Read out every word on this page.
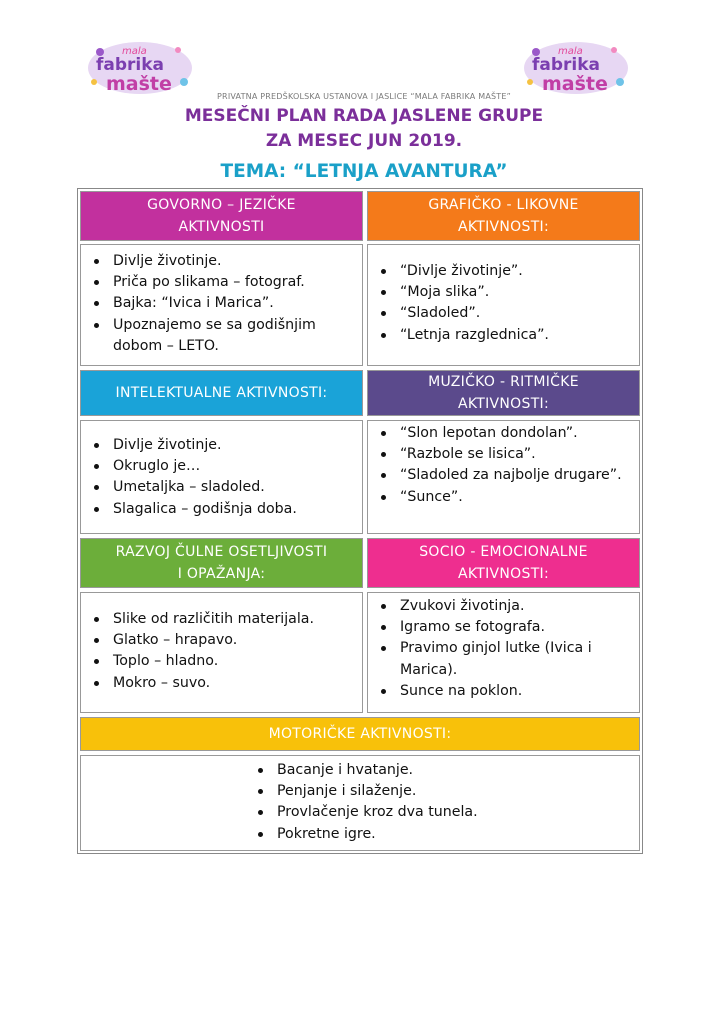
mala
fabrika
mašte
mala
fabrika
mašte
PRIVATNA PREDŠKOLSKA USTANOVA I JASLICE “MALA FABRIKA MAŠTE”
MESEČNI PLAN RADA JASLENE GRUPE
ZA MESEC JUN 2019.
TEMA: “LETNJA AVANTURA”
GOVORNO – JEZIČKE
AKTIVNOSTI
GRAFIČKO - LIKOVNE
AKTIVNOSTI:
Divlje životinje.
Priča po slikama – fotograf.
Bajka: “Ivica i Marica”.
Upoznajemo se sa godišnjim dobom – LETO.
“Divlje životinje”.
“Moja slika”.
“Sladoled”.
“Letnja razglednica”.
INTELEKTUALNE AKTIVNOSTI:
MUZIČKO - RITMIČKE
AKTIVNOSTI:
Divlje životinje.
Okruglo je…
Umetaljka – sladoled.
Slagalica – godišnja doba.
“Slon lepotan dondolan”.
“Razbole se lisica”.
“Sladoled za najbolje drugare”.
“Sunce”.
RAZVOJ ČULNE OSETLJIVOSTI
I OPAŽANJA:
SOCIO - EMOCIONALNE
AKTIVNOSTI:
Slike od različitih materijala.
Glatko – hrapavo.
Toplo – hladno.
Mokro – suvo.
Zvukovi životinja.
Igramo se fotografa.
Pravimo ginjol lutke (Ivica i Marica).
Sunce na poklon.
MOTORIČKE AKTIVNOSTI:
Bacanje i hvatanje.
Penjanje i silaženje.
Provlačenje kroz dva tunela.
Pokretne igre.
